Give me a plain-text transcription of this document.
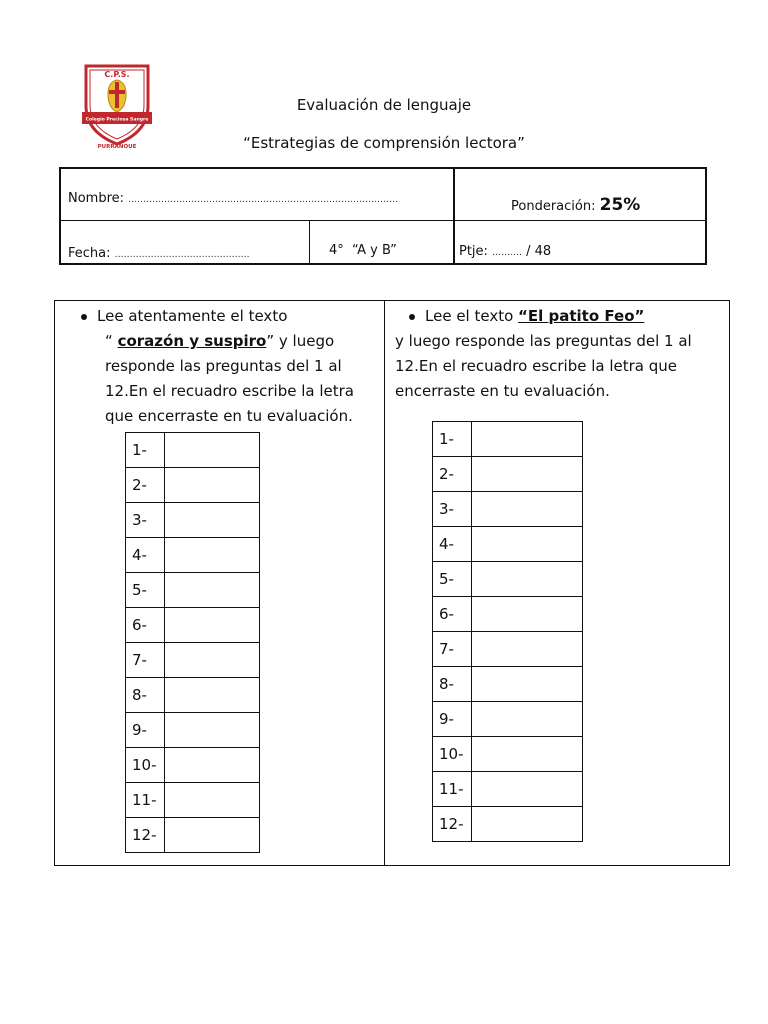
C.P.S.
Colegio Preciosa Sangre
PURRANQUE
Evaluación de lenguaje
“Estrategias de comprensión lectora”
Nombre: ………………………………………………………………………………	Ponderación: 25%
Fecha: ………………………………………	4°  “A y B”	Ptje: ………. / 48
Lee atentamente el texto
“ corazón y suspiro” y luego
responde las preguntas del 1 al
12.En el recuadro escribe la letra
que encerraste en tu evaluación.
1-	
2-	
3-	
4-	
5-	
6-	
7-	
8-	
9-	
10-	
11-	
12-	
Lee el texto “El patito Feo”
y luego responde las preguntas del 1 al
12.En el recuadro escribe la letra que
encerraste en tu evaluación.
1-	
2-	
3-	
4-	
5-	
6-	
7-	
8-	
9-	
10-	
11-	
12-	
